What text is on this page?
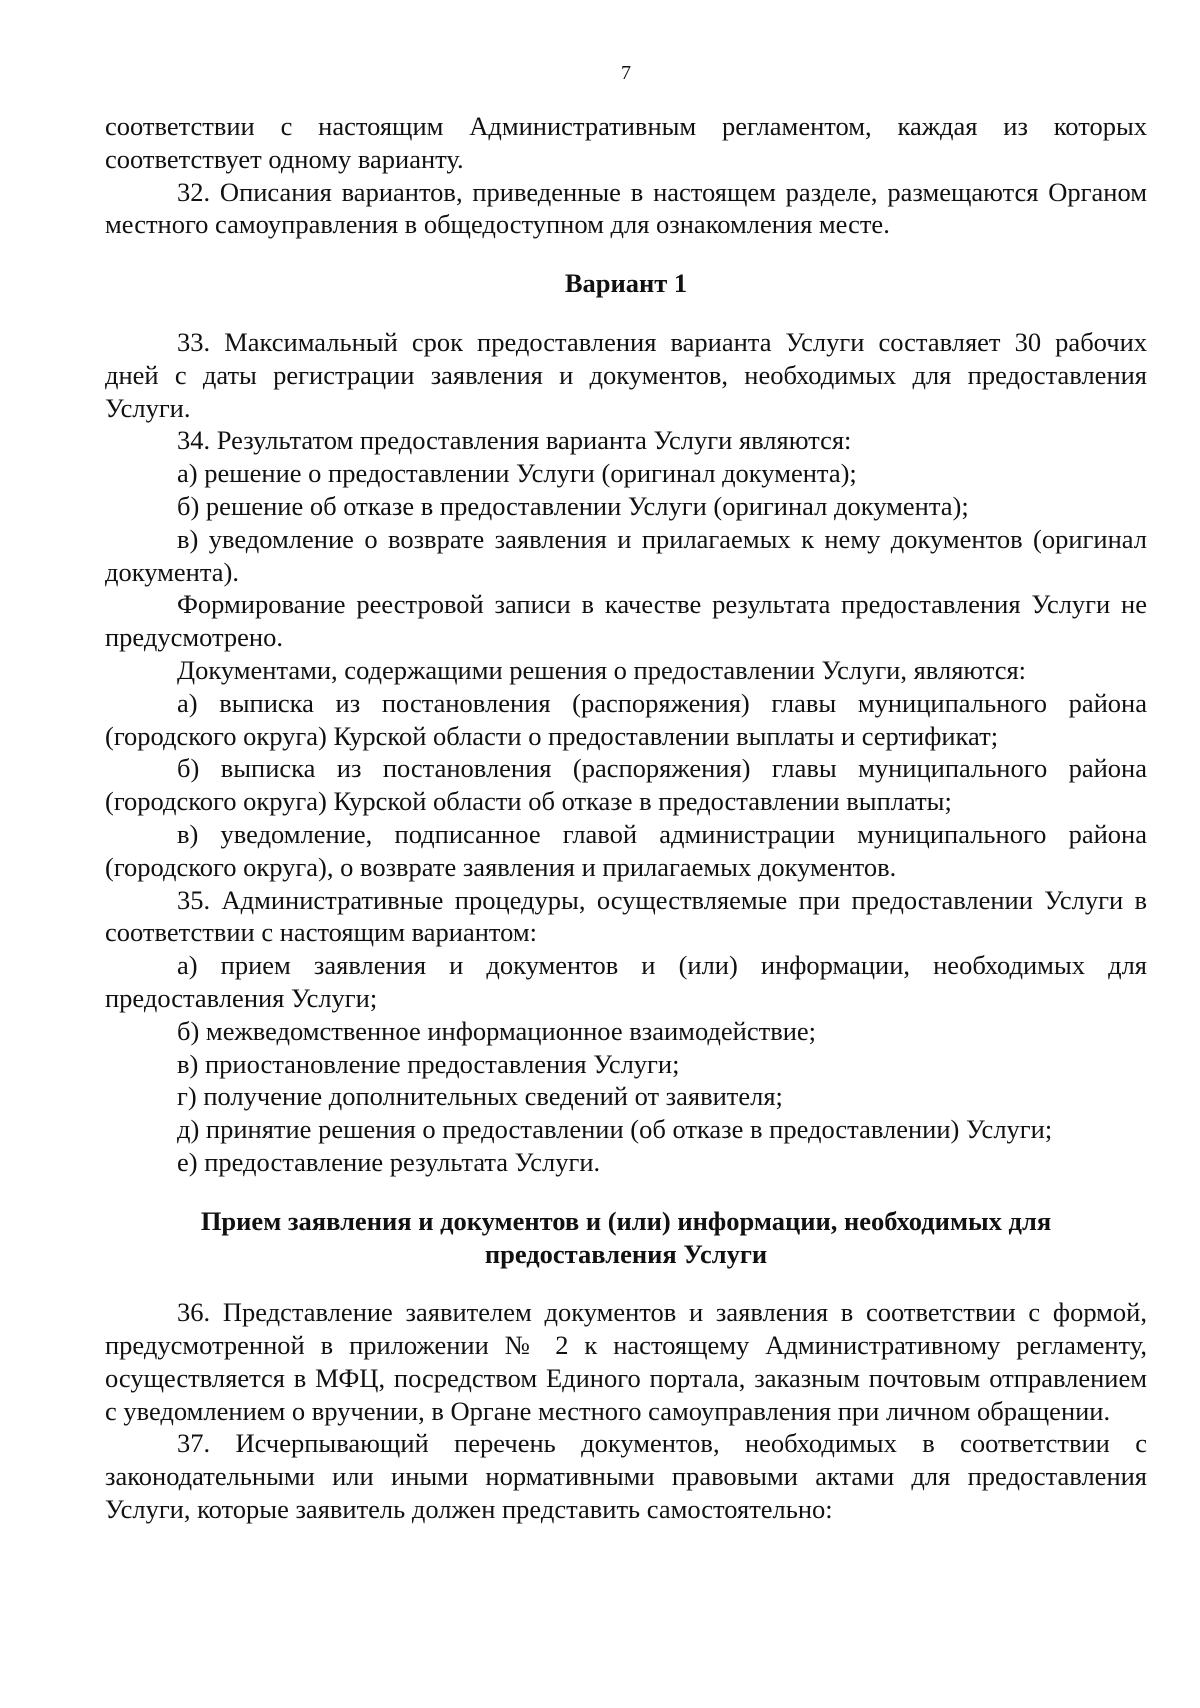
7

соответствии с настоящим Административным регламентом, каждая из которых соответствует одному варианту.

32. Описания вариантов, приведенные в настоящем разделе, размещаются Органом местного самоуправления в общедоступном для ознакомления месте.

Вариант 1

33. Максимальный срок предоставления варианта Услуги составляет 30 рабочих дней с даты регистрации заявления и документов, необходимых для предоставления Услуги.

34. Результатом предоставления варианта Услуги являются:

а) решение о предоставлении Услуги (оригинал документа);

б) решение об отказе в предоставлении Услуги (оригинал документа);

в) уведомление о возврате заявления и прилагаемых к нему документов (оригинал документа).

Формирование реестровой записи в качестве результата предоставления Услуги не предусмотрено.

Документами, содержащими решения о предоставлении Услуги, являются:

а) выписка из постановления (распоряжения) главы муниципального района (городского округа) Курской области о предоставлении выплаты и сертификат;

б) выписка из постановления (распоряжения) главы муниципального района (городского округа) Курской области об отказе в предоставлении выплаты;

в) уведомление, подписанное главой администрации муниципального района (городского округа), о возврате заявления и прилагаемых документов.

35. Административные процедуры, осуществляемые при предоставлении Услуги в соответствии с настоящим вариантом:

а) прием заявления и документов и (или) информации, необходимых для предоставления Услуги;

б) межведомственное информационное взаимодействие;

в) приостановление предоставления Услуги;

г) получение дополнительных сведений от заявителя;

д) принятие решения о предоставлении (об отказе в предоставлении) Услуги;

е) предоставление результата Услуги.

Прием заявления и документов и (или) информации, необходимых для

предоставления Услуги

36. Представление заявителем документов и заявления в соответствии с формой, предусмотренной в приложении № 2 к настоящему Административному регламенту, осуществляется в МФЦ, посредством Единого портала, заказным почтовым отправлением с уведомлением о вручении, в Органе местного самоуправления при личном обращении.

37. Исчерпывающий перечень документов, необходимых в соответствии с законодательными или иными нормативными правовыми актами для предоставления Услуги, которые заявитель должен представить самостоятельно:
